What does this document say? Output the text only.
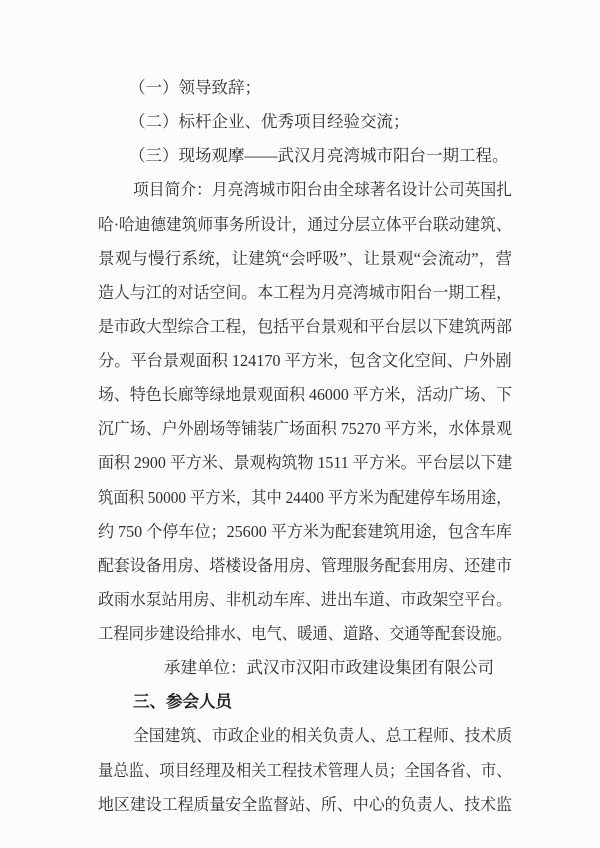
（一）领导致辞；
（二）标杆企业、优秀项目经验交流；
（三）现场观摩——武汉月亮湾城市阳台一期工程。
项目简介：月亮湾城市阳台由全球著名设计公司英国扎
哈·哈迪德建筑师事务所设计，通过分层立体平台联动建筑、
景观与慢行系统，让建筑“会呼吸”、让景观“会流动”，营
造人与江的对话空间。本工程为月亮湾城市阳台一期工程，
是市政大型综合工程，包括平台景观和平台层以下建筑两部
分。平台景观面积 124170 平方米，包含文化空间、户外剧
场、特色长廊等绿地景观面积 46000 平方米，活动广场、下
沉广场、户外剧场等铺装广场面积 75270 平方米，水体景观
面积 2900 平方米、景观构筑物 1511 平方米。平台层以下建
筑面积 50000 平方米，其中 24400 平方米为配建停车场用途，
约 750 个停车位；25600 平方米为配套建筑用途，包含车库
配套设备用房、塔楼设备用房、管理服务配套用房、还建市
政雨水泵站用房、非机动车库、进出车道、市政架空平台。
工程同步建设给排水、电气、暖通、道路、交通等配套设施。
承建单位：武汉市汉阳市政建设集团有限公司
三、参会人员
全国建筑、市政企业的相关负责人、总工程师、技术质
量总监、项目经理及相关工程技术管理人员；全国各省、市、
地区建设工程质量安全监督站、所、中心的负责人、技术监
